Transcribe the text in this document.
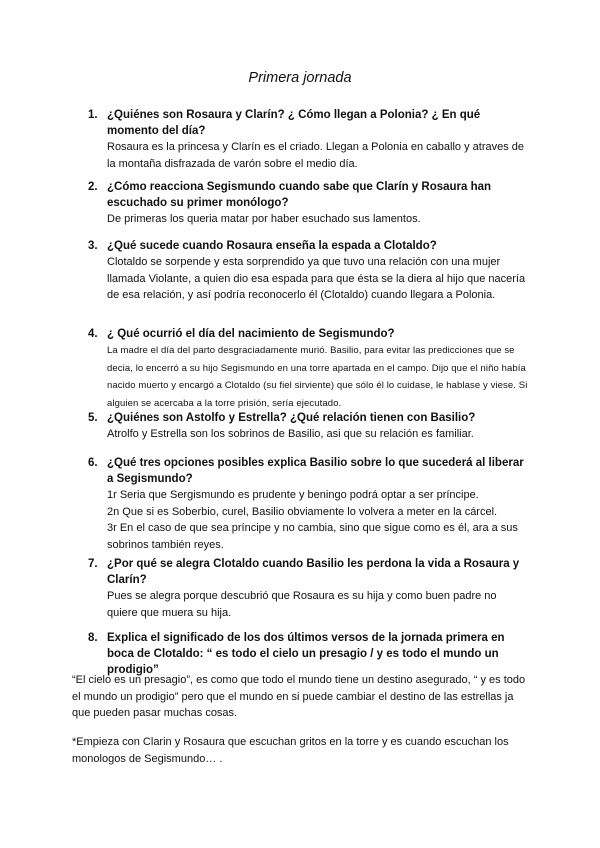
Primera jornada
1. ¿Quiénes son Rosaura y Clarín? ¿ Cómo llegan a Polonia? ¿ En qué momento del día?

Rosaura es la princesa y Clarín es el criado. Llegan a Polonia en caballo y atraves de la montaña disfrazada de varón sobre el medio día.

2. ¿Cómo reacciona Segismundo cuando sabe que Clarín y Rosaura han escuchado su primer monólogo?

De primeras los queria matar por haber esuchado sus lamentos.

3. ¿Qué sucede cuando Rosaura enseña la espada a Clotaldo?

Clotaldo se sorpende y esta sorprendido ya que tuvo una relación con una mujer llamada Violante, a quien dio esa espada para que ésta se la diera al hijo que nacería de esa relación, y así podría reconocerlo él (Clotaldo) cuando llegara a Polonia.

4. ¿ Qué ocurrió el día del nacimiento de Segismundo?

La madre el día del parto desgraciadamente murió. Basilio, para evitar las predicciones que se decia, lo encerró a su hijo Segismundo en una torre apartada en el campo. Dijo que el niño había nacido muerto y encargó a Clotaldo (su fiel sirviente) que sólo él lo cuidase, le hablase y viese. Si alguien se acercaba a la torre prisión, sería ejecutado.

5. ¿Quiénes son Astolfo y Estrella? ¿Qué relación tienen con Basilio?

Atrolfo y Estrella son los sobrinos de Basilio, asi que su relación es familiar.

6. ¿Qué tres opciones posibles explica Basilio sobre lo que sucederá al liberar a Segismundo?

1r Seria que Sergismundo es prudente y beningo podrá optar a ser príncipe.
2n Que si es Soberbio, curel, Basilio obviamente lo volvera a meter en la cárcel.
3r En el caso de que sea príncipe y no cambia, sino que sigue como es él, ara a sus sobrinos también reyes.

7. ¿Por qué se alegra Clotaldo cuando Basilio les perdona la vida a Rosaura y Clarín?

Pues se alegra porque descubrió que Rosaura es su hija y como buen padre no quiere que muera su hija.

8. Explica el significado de los dos últimos versos de la jornada primera en boca de Clotaldo: “ es todo el cielo un presagio / y es todo el mundo un prodigio”
“El cielo es un presagio”, es como que todo el mundo tiene un destino asegurado, “ y es todo el mundo un prodigio” pero que el mundo en si puede cambiar el destino de las estrellas ja que pueden pasar muchas cosas.
*Empieza con Clarin y Rosaura que escuchan gritos en la torre y es cuando escuchan los monologos de Segismundo… .
